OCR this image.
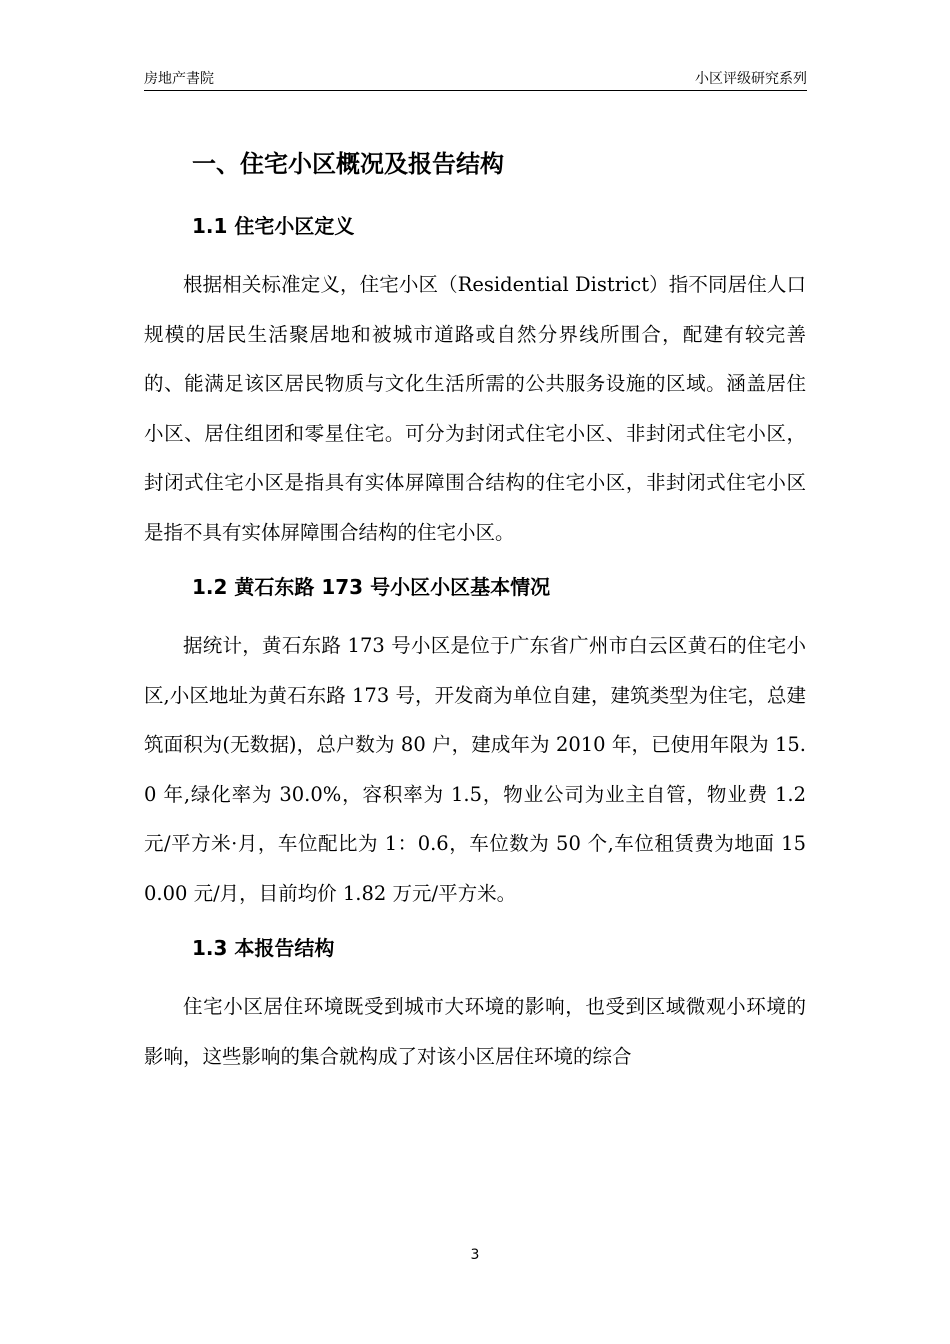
房地产書院	小区评级研究系列
一、住宅小区概况及报告结构
1.1 住宅小区定义

根据相关标准定义，住宅小区（Residential District）指不同居住人口规模的居民生活聚居地和被城市道路或自然分界线所围合，配建有较完善的、能满足该区居民物质与文化生活所需的公共服务设施的区域。涵盖居住小区、居住组团和零星住宅。可分为封闭式住宅小区、非封闭式住宅小区，封闭式住宅小区是指具有实体屏障围合结构的住宅小区，非封闭式住宅小区是指不具有实体屏障围合结构的住宅小区。

1.2 黄石东路 173 号小区小区基本情况

据统计，黄石东路 173 号小区是位于广东省广州市白云区黄石的住宅小区,小区地址为黄石东路 173 号，开发商为单位自建，建筑类型为住宅，总建筑面积为(无数据)，总户数为 80 户，建成年为 2010 年，已使用年限为 15.0 年,绿化率为 30.0%，容积率为 1.5，物业公司为业主自管，物业费 1.2 元/平方米·月，车位配比为 1：0.6，车位数为 50 个,车位租赁费为地面 150.00 元/月，目前均价 1.82 万元/平方米。

1.3 本报告结构

住宅小区居住环境既受到城市大环境的影响，也受到区域微观小环境的影响，这些影响的集合就构成了对该小区居住环境的综合

3
